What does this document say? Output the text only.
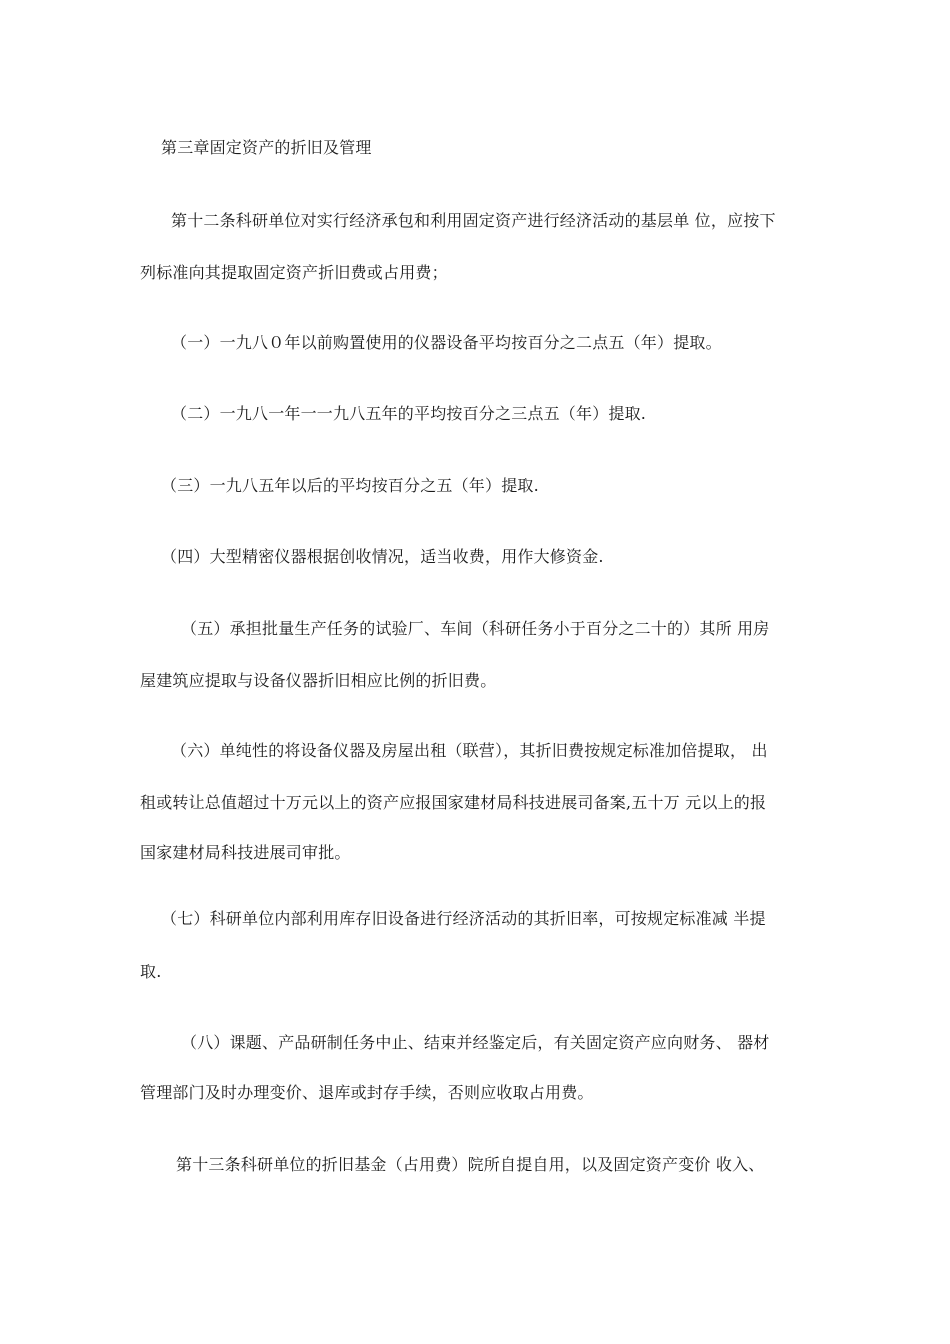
第三章固定资产的折旧及管理
第十二条科研单位对实行经济承包和利用固定资产进行经济活动的基层单 位，应按下
列标准向其提取固定资产折旧费或占用费；
（一）一九八０年以前购置使用的仪器设备平均按百分之二点五（年）提取。
（二）一九八一年一一九八五年的平均按百分之三点五（年）提取.
（三）一九八五年以后的平均按百分之五（年）提取.
（四）大型精密仪器根据创收情况，适当收费，用作大修资金.
（五）承担批量生产任务的试验厂、车间（科研任务小于百分之二十的）其所 用房
屋建筑应提取与设备仪器折旧相应比例的折旧费。
（六）单纯性的将设备仪器及房屋出租（联营），其折旧费按规定标准加倍提取， 出
租或转让总值超过十万元以上的资产应报国家建材局科技进展司备案,五十万 元以上的报
国家建材局科技进展司审批。
（七）科研单位内部利用库存旧设备进行经济活动的其折旧率，可按规定标准减 半提
取.
（八）课题、产品研制任务中止、结束并经鉴定后，有关固定资产应向财务、 器材
管理部门及时办理变价、退库或封存手续，否则应收取占用费。
第十三条科研单位的折旧基金（占用费）院所自提自用，以及固定资产变价 收入、
